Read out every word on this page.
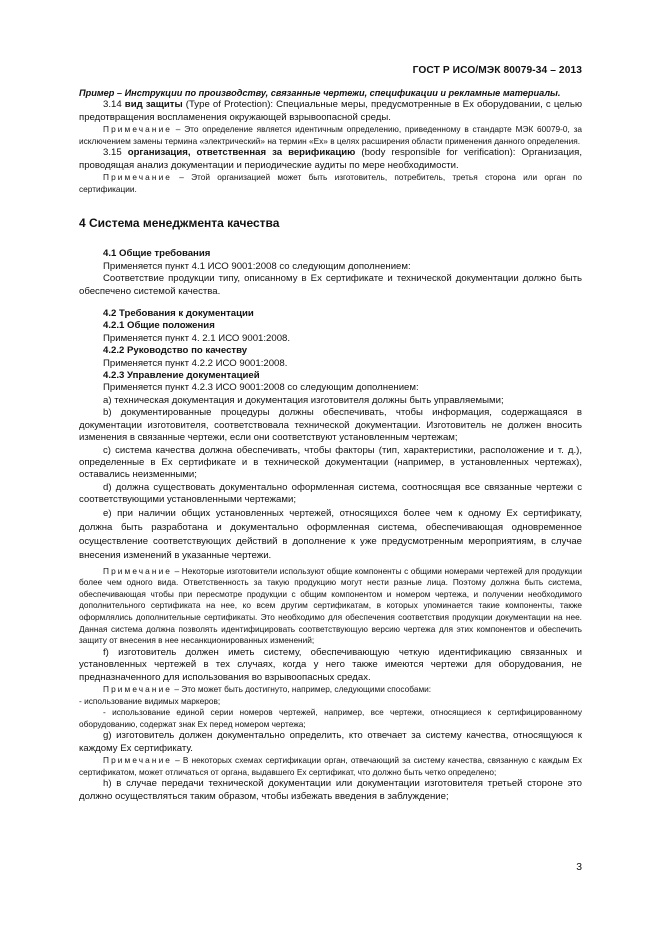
ГОСТ Р ИСО/МЭК 80079-34 – 2013

Пример – Инструкции по производству, связанные чертежи, спецификации и рекламные материалы.

3.14 вид защиты (Type of Protection): Специальные меры, предусмотренные в Ex оборудовании, с целью предотвращения воспламенения окружающей взрывоопасной среды.

Примечание – Это определение является идентичным определению, приведенному в стандарте МЭК 60079-0, за исключением замены термина «электрический» на термин «Ex» в целях расширения области применения данного определения.

3.15 организация, ответственная за верификацию (body responsible for verification): Организация, проводящая анализ документации и периодические аудиты по мере необходимости.

Примечание – Этой организацией может быть изготовитель, потребитель, третья сторона или орган по сертификации.

4 Система менеджмента качества

4.1 Общие требования

Применяется пункт 4.1 ИСО 9001:2008 со следующим дополнением:

Соответствие продукции типу, описанному в Ex сертификате и технической документации должно быть обеспечено системой качества.

4.2 Требования к документации

4.2.1 Общие положения

Применяется пункт 4. 2.1 ИСО 9001:2008.

4.2.2 Руководство по качеству

Применяется пункт 4.2.2 ИСО 9001:2008.

4.2.3 Управление документацией

Применяется пункт 4.2.3 ИСО 9001:2008 со следующим дополнением:

a) техническая документация и документация изготовителя должны быть управляемыми;

b) документированные процедуры должны обеспечивать, чтобы информация, содержащаяся в документации изготовителя, соответствовала технической документации. Изготовитель не должен вносить изменения в связанные чертежи, если они соответствуют установленным чертежам;

c) система качества должна обеспечивать, чтобы факторы (тип, характеристики, расположение и т. д.), определенные в Ex сертификате и в технической документации (например, в установленных чертежах), оставались неизменными;

d) должна существовать документально оформленная система, соотносящая все связанные чертежи с соответствующими установленными чертежами;

e) при наличии общих установленных чертежей, относящихся более чем к одному Ex сертификату, должна быть разработана и документально оформленная система, обеспечивающая одновременное осуществление соответствующих действий в дополнение к уже предусмотренным мероприятиям, в случае внесения изменений в указанные чертежи.

Примечание – Некоторые изготовители используют общие компоненты с общими номерами чертежей для продукции более чем одного вида. Ответственность за такую продукцию могут нести разные лица. Поэтому должна быть система, обеспечивающая чтобы при пересмотре продукции с общим компонентом и номером чертежа, и получении необходимого дополнительного сертификата на нее, ко всем другим сертификатам, в которых упоминается такие компоненты, также оформлялись дополнительные сертификаты. Это необходимо для обеспечения соответствия продукции документации на нее. Данная система должна позволять идентифицировать соответствующую версию чертежа для этих компонентов и обеспечить защиту от внесения в нее несанкционированных изменений;

f) изготовитель должен иметь систему, обеспечивающую четкую идентификацию связанных и установленных чертежей в тех случаях, когда у него также имеются чертежи для оборудования, не предназначенного для использования во взрывоопасных средах.

Примечание – Это может быть достигнуто, например, следующими способами:

- использование видимых маркеров;

- использование единой серии номеров чертежей, например, все чертежи, относящиеся к сертифицированному оборудованию, содержат знак Ex перед номером чертежа;

g) изготовитель должен документально определить, кто отвечает за систему качества, относящуюся к каждому Ex сертификату.

Примечание – В некоторых схемах сертификации орган, отвечающий за систему качества, связанную с каждым Ex сертификатом, может отличаться от органа, выдавшего Ex сертификат, что должно быть четко определено;

h) в случае передачи технической документации или документации изготовителя третьей стороне это должно осуществляться таким образом, чтобы избежать введения в заблуждение;

3
